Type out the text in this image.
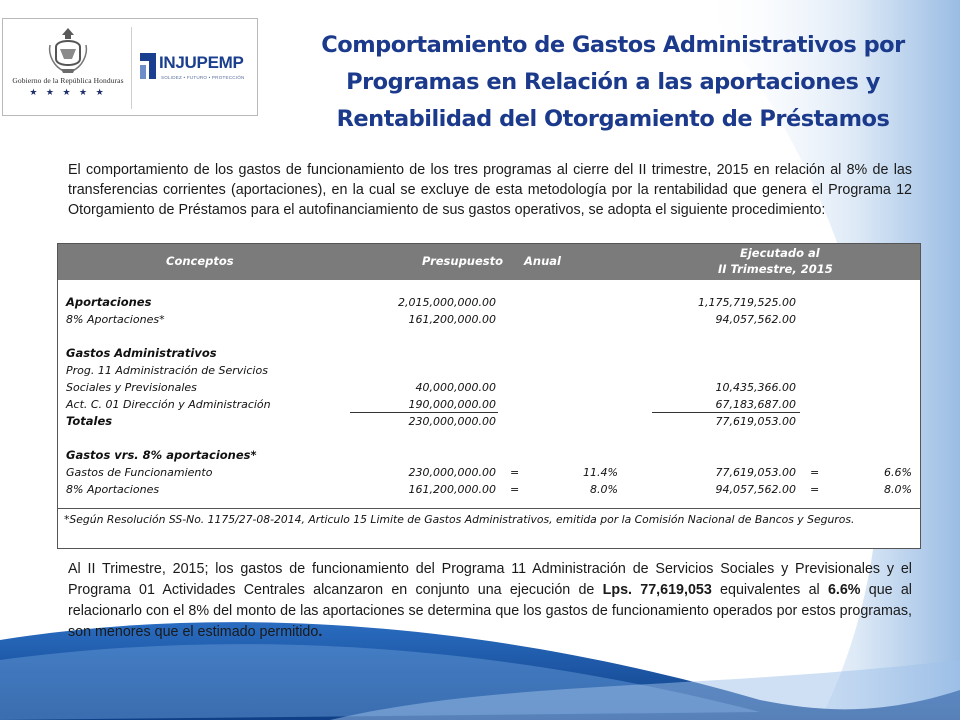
Gobierno de la República Honduras
★ ★ ★ ★ ★
INJUPEMP
SOLIDEZ • FUTURO • PROTECCIÓN
Comportamiento de Gastos Administrativos por Programas en Relación a las aportaciones y Rentabilidad del Otorgamiento de Préstamos

El comportamiento de los gastos de funcionamiento de los tres programas al cierre del II trimestre, 2015 en relación al 8% de las transferencias corrientes (aportaciones), en la cual se excluye de esta metodología por la rentabilidad que genera el Programa 12 Otorgamiento de Préstamos para el autofinanciamiento de sus gastos operativos, se adopta el siguiente procedimiento:

Conceptos	Presupuesto Anual
Ejecutado al
II Trimestre, 2015
Aportaciones	2,015,000,000.00	1,175,719,525.00
8% Aportaciones*	161,200,000.00	94,057,562.00
Gastos Administrativos
Prog. 11 Administración de Servicios
Sociales y Previsionales	40,000,000.00	10,435,366.00
Act. C. 01 Dirección y Administración	190,000,000.00	67,183,687.00
Totales	230,000,000.00	77,619,053.00
Gastos vrs. 8% aportaciones*
Gastos de Funcionamiento	230,000,000.00 =	11.4%	77,619,053.00 =	6.6%
8% Aportaciones	161,200,000.00 =	8.0%	94,057,562.00 =	8.0%
*Según Resolución SS-No. 1175/27-08-2014, Articulo 15 Limite de Gastos Administrativos, emitida por la Comisión Nacional de Bancos y Seguros.

Al II Trimestre, 2015; los gastos de funcionamiento del Programa 11 Administración de Servicios Sociales y Previsionales y el Programa 01 Actividades Centrales alcanzaron en conjunto una ejecución de Lps. 77,619,053 equivalentes al 6.6% que al relacionarlo con el 8% del monto de las aportaciones se determina que los gastos de funcionamiento operados por estos programas, son menores que el estimado permitido.
